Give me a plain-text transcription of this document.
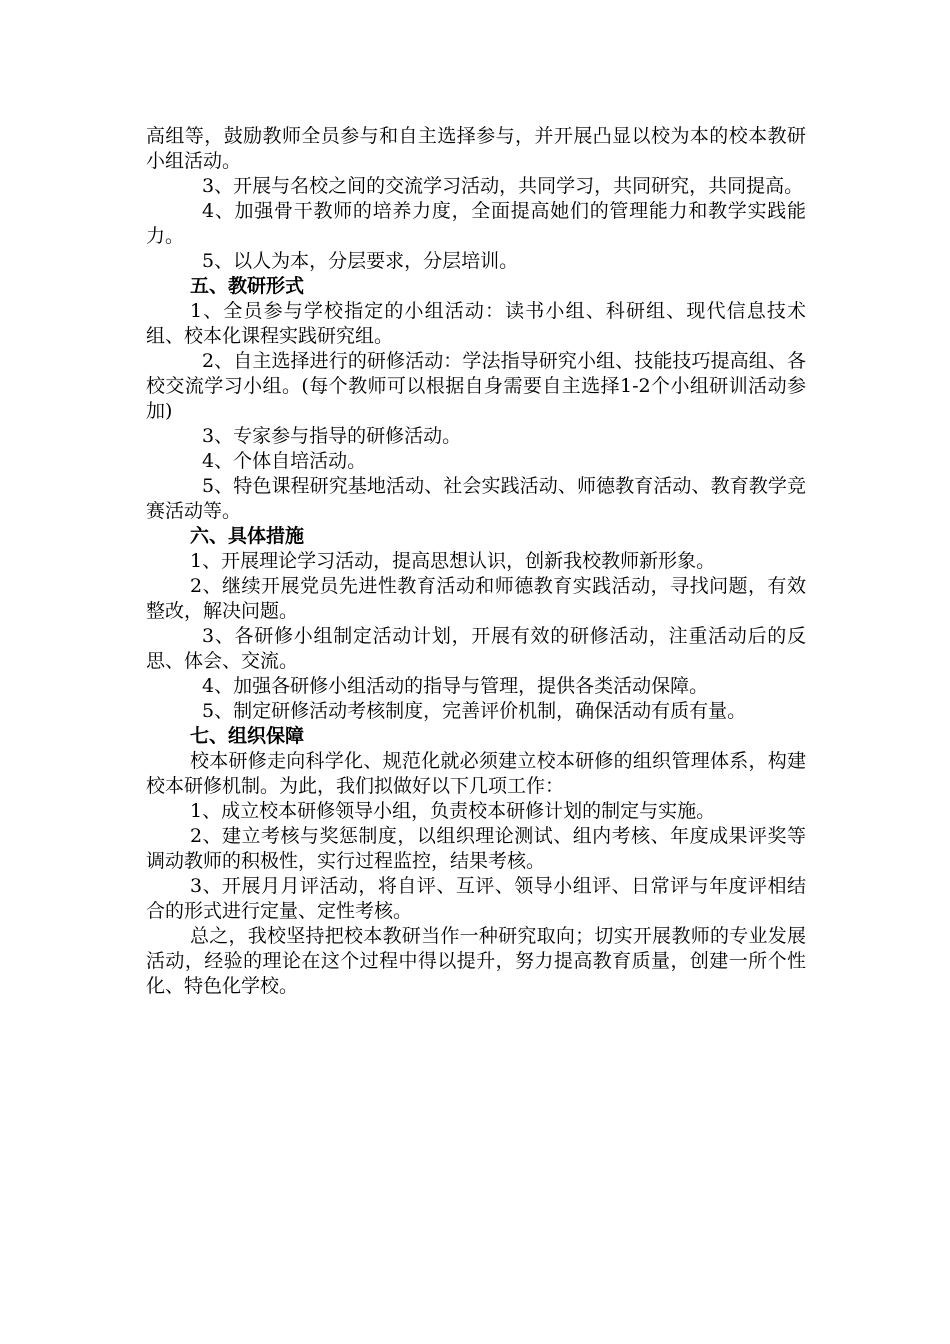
高组等，鼓励教师全员参与和自主选择参与，并开展凸显以校为本的校本教研小组活动。

3、开展与名校之间的交流学习活动，共同学习，共同研究，共同提高。

4、加强骨干教师的培养力度，全面提高她们的管理能力和教学实践能力。

5、以人为本，分层要求，分层培训。

五、教研形式

1、全员参与学校指定的小组活动：读书小组、科研组、现代信息技术组、校本化课程实践研究组。

2、自主选择进行的研修活动：学法指导研究小组、技能技巧提高组、各校交流学习小组。(每个教师可以根据自身需要自主选择1-2个小组研训活动参加)

3、专家参与指导的研修活动。

4、个体自培活动。

5、特色课程研究基地活动、社会实践活动、师德教育活动、教育教学竞赛活动等。

六、具体措施

1、开展理论学习活动，提高思想认识，创新我校教师新形象。

2、继续开展党员先进性教育活动和师德教育实践活动，寻找问题，有效整改，解决问题。

3、各研修小组制定活动计划，开展有效的研修活动，注重活动后的反思、体会、交流。

4、加强各研修小组活动的指导与管理，提供各类活动保障。

5、制定研修活动考核制度，完善评价机制，确保活动有质有量。

七、组织保障

校本研修走向科学化、规范化就必须建立校本研修的组织管理体系，构建校本研修机制。为此，我们拟做好以下几项工作：

1、成立校本研修领导小组，负责校本研修计划的制定与实施。

2、建立考核与奖惩制度，以组织理论测试、组内考核、年度成果评奖等调动教师的积极性，实行过程监控，结果考核。

3、开展月月评活动，将自评、互评、领导小组评、日常评与年度评相结合的形式进行定量、定性考核。

总之，我校坚持把校本教研当作一种研究取向；切实开展教师的专业发展活动，经验的理论在这个过程中得以提升，努力提高教育质量，创建一所个性化、特色化学校。
